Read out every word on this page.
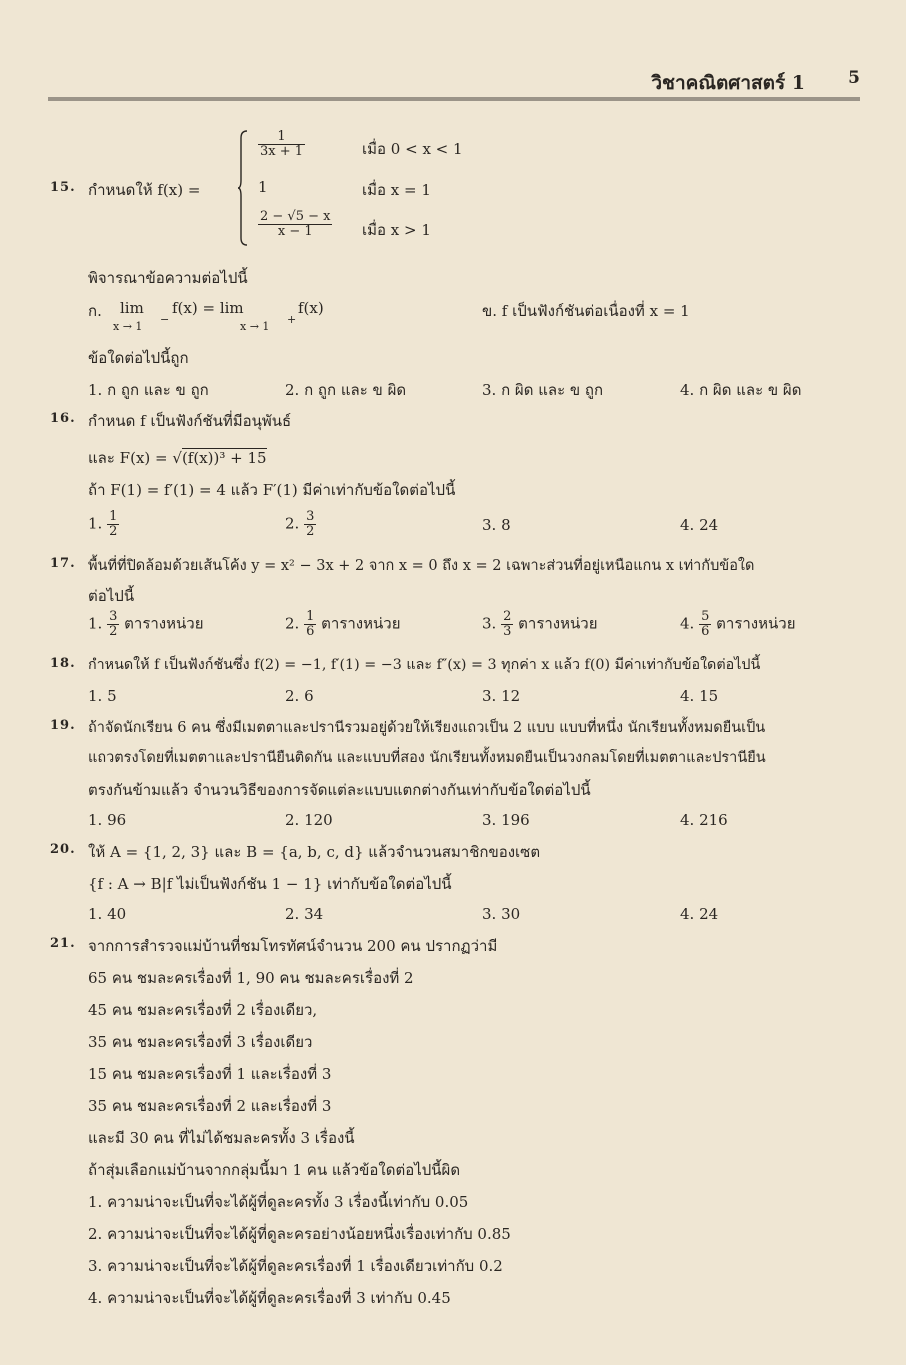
วิชาคณิตศาสตร์ 1	5
15. กำหนดให้ f(x) =
$\frac{1}{3x + 1}$	เมื่อ 0 < x < 1
1	เมื่อ x = 1
$\frac{2 - √5 - x}{x - 1}$ เมื่อ x > 1
พิจารณาข้อความต่อไปนี้
ก. lim
x → 1
−
f(x) = lim
x → 1
+
f(x)	ข. f เป็นฟังก์ชันต่อเนื่องที่ x = 1
ข้อใดต่อไปนี้ถูก
1. ก ถูก และ ข ถูก	2. ก ถูก และ ข ผิด	3. ก ผิด และ ข ถูก	4. ก ผิด และ ข ผิด
16. กำหนด f เป็นฟังก์ชันที่มีอนุพันธ์
และ F(x) = √(f(x))³ + 15
ถ้า F(1) = f′(1) = 4 แล้ว F′(1) มีค่าเท่ากับข้อใดต่อไปนี้
1. $\frac{1}{2}$	2. $\frac{3}{2}$	3. 8	4. 24
17. พื้นที่ที่ปิดล้อมด้วยเส้นโค้ง y = x² − 3x + 2 จาก x = 0 ถึง x = 2 เฉพาะส่วนที่อยู่เหนือแกน x เท่ากับข้อใด
ต่อไปนี้
1. $\frac{3}{2}$ ตารางหน่วย	2. $\frac{1}{6}$ ตารางหน่วย	3. $\frac{2}{3}$ ตารางหน่วย	4. $\frac{5}{6}$ ตารางหน่วย
18. กำหนดให้ f เป็นฟังก์ชันซึ่ง f(2) = −1, f′(1) = −3 และ f″(x) = 3 ทุกค่า x แล้ว f(0) มีค่าเท่ากับข้อใดต่อไปนี้
1. 5	2. 6	3. 12	4. 15
19. ถ้าจัดนักเรียน 6 คน ซึ่งมีเมตตาและปรานีรวมอยู่ด้วยให้เรียงแถวเป็น 2 แบบ แบบที่หนึ่ง นักเรียนทั้งหมดยืนเป็น
แถวตรงโดยที่เมตตาและปรานียืนติดกัน และแบบที่สอง นักเรียนทั้งหมดยืนเป็นวงกลมโดยที่เมตตาและปรานียืน
ตรงกันข้ามแล้ว จำนวนวิธีของการจัดแต่ละแบบแตกต่างกันเท่ากับข้อใดต่อไปนี้
1. 96	2. 120	3. 196	4. 216
20. ให้ A = {1, 2, 3} และ B = {a, b, c, d} แล้วจำนวนสมาชิกของเซต
{f : A → B|f ไม่เป็นฟังก์ชัน 1 − 1} เท่ากับข้อใดต่อไปนี้
1. 40	2. 34	3. 30	4. 24
21. จากการสำรวจแม่บ้านที่ชมโทรทัศน์จำนวน 200 คน ปรากฏว่ามี
65 คน ชมละครเรื่องที่ 1, 90 คน ชมละครเรื่องที่ 2
45 คน ชมละครเรื่องที่ 2 เรื่องเดียว,
35 คน ชมละครเรื่องที่ 3 เรื่องเดียว
15 คน ชมละครเรื่องที่ 1 และเรื่องที่ 3
35 คน ชมละครเรื่องที่ 2 และเรื่องที่ 3
และมี 30 คน ที่ไม่ได้ชมละครทั้ง 3 เรื่องนี้
ถ้าสุ่มเลือกแม่บ้านจากกลุ่มนี้มา 1 คน แล้วข้อใดต่อไปนี้ผิด
1. ความน่าจะเป็นที่จะได้ผู้ที่ดูละครทั้ง 3 เรื่องนี้เท่ากับ 0.05
2. ความน่าจะเป็นที่จะได้ผู้ที่ดูละครอย่างน้อยหนึ่งเรื่องเท่ากับ 0.85
3. ความน่าจะเป็นที่จะได้ผู้ที่ดูละครเรื่องที่ 1 เรื่องเดียวเท่ากับ 0.2
4. ความน่าจะเป็นที่จะได้ผู้ที่ดูละครเรื่องที่ 3 เท่ากับ 0.45
